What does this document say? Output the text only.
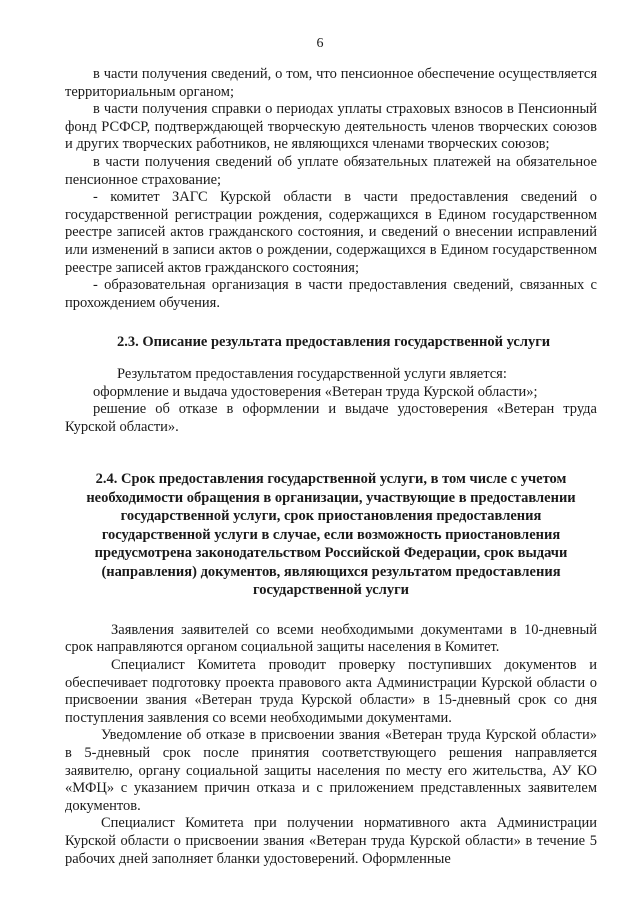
6

в части получения сведений, о том, что пенсионное обеспечение осуществляется территориальным органом;

в части получения справки о периодах уплаты страховых взносов в Пенсионный фонд РСФСР, подтверждающей творческую деятельность членов творческих союзов и других творческих работников, не являющихся членами творческих союзов;

в части получения сведений об уплате обязательных платежей на обязательное пенсионное страхование;

- комитет ЗАГС Курской области в части предоставления сведений о государственной регистрации рождения, содержащихся в Едином государственном реестре записей актов гражданского состояния, и сведений о внесении исправлений или изменений в записи актов о рождении, содержащихся в Едином государственном реестре записей актов гражданского состояния;

- образовательная организация в части предоставления сведений, связанных с прохождением обучения.

2.3. Описание результата предоставления государственной услуги

Результатом предоставления государственной услуги является:

оформление и выдача удостоверения «Ветеран труда Курской области»;

решение об отказе в оформлении и выдаче удостоверения «Ветеран труда Курской области».

2.4. Срок предоставления государственной услуги, в том числе с учетом необходимости обращения в организации, участвующие в предоставлении государственной услуги, срок приостановления предоставления государственной услуги в случае, если возможность приостановления предусмотрена законодательством Российской Федерации, срок выдачи (направления) документов, являющихся результатом предоставления государственной услуги

Заявления заявителей со всеми необходимыми документами в 10-дневный срок направляются органом социальной защиты населения в Комитет.

Специалист Комитета проводит проверку поступивших документов и обеспечивает подготовку проекта правового акта Администрации Курской области о присвоении звания «Ветеран труда Курской области» в 15-дневный срок со дня поступления заявления со всеми необходимыми документами.

Уведомление об отказе в присвоении звания «Ветеран труда Курской области» в 5-дневный срок после принятия соответствующего решения направляется заявителю, органу социальной защиты населения по месту его жительства, АУ КО «МФЦ» с указанием причин отказа и с приложением представленных заявителем документов.

Специалист Комитета при получении нормативного акта Администрации Курской области о присвоении звания «Ветеран труда Курской области» в течение 5 рабочих дней заполняет бланки удостоверений. Оформленные
